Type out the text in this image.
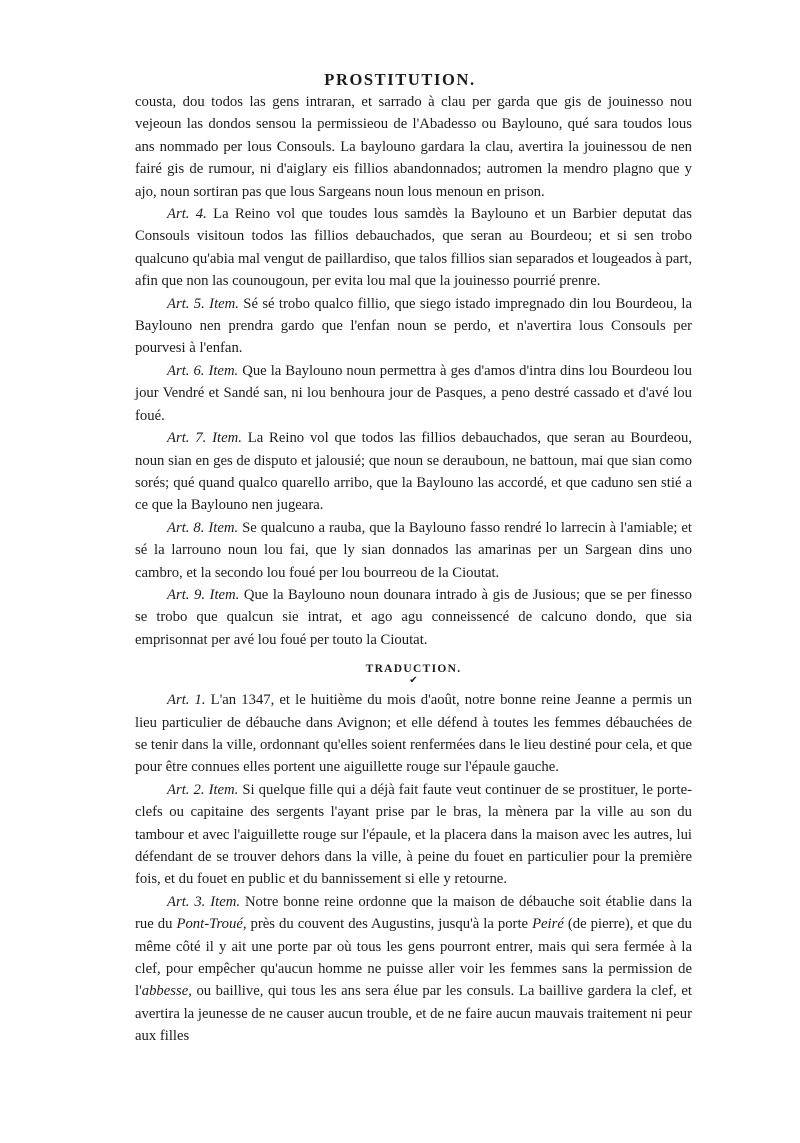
PROSTITUTION.

cousta, dou todos las gens intraran, et sarrado à clau per garda que gis de jouinesso nou vejeoun las dondos sensou la permissieou de l'Abadesso ou Baylouno, qué sara toudos lous ans nommado per lous Consouls. La baylouno gardara la clau, avertira la jouinessou de nen fairé gis de rumour, ni d'aiglary eis fillios abandonnados; autromen la mendro plagno que y ajo, noun sortiran pas que lous Sargeans noun lous menoun en prison.

Art. 4. La Reino vol que toudes lous samdès la Baylouno et un Barbier deputat das Consouls visitoun todos las fillios debauchados, que seran au Bourdeou; et si sen trobo qualcuno qu'abia mal vengut de paillardiso, que talos fillios sian separados et lougeados à part, afin que non las counougoun, per evita lou mal que la jouinesso pourrié prenre.

Art. 5. Item. Sé sé trobo qualco fillio, que siego istado impregnado din lou Bourdeou, la Baylouno nen prendra gardo que l'enfan noun se perdo, et n'avertira lous Consouls per pourvesi à l'enfan.

Art. 6. Item. Que la Baylouno noun permettra à ges d'amos d'intra dins lou Bourdeou lou jour Vendré et Sandé san, ni lou benhoura jour de Pasques, a peno destré cassado et d'avé lou foué.

Art. 7. Item. La Reino vol que todos las fillios debauchados, que seran au Bourdeou, noun sian en ges de disputo et jalousié; que noun se derauboun, ne battoun, mai que sian como sorés; qué quand qualco quarello arribo, que la Baylouno las accordé, et que caduno sen stié a ce que la Baylouno nen jugeara.

Art. 8. Item. Se qualcuno a rauba, que la Baylouno fasso rendré lo larrecin à l'amiable; et sé la larrouno noun lou fai, que ly sian donnados las amarinas per un Sargean dins uno cambro, et la secondo lou foué per lou bourreou de la Cioutat.

Art. 9. Item. Que la Baylouno noun dounara intrado à gis de Jusious; que se per finesso se trobo que qualcun sie intrat, et ago agu conneissencé de calcuno dondo, que sia emprisonnat per avé lou foué per touto la Cioutat.

TRADUCTION.
✔

Art. 1. L'an 1347, et le huitième du mois d'août, notre bonne reine Jeanne a permis un lieu particulier de débauche dans Avignon; et elle défend à toutes les femmes débauchées de se tenir dans la ville, ordonnant qu'elles soient renfermées dans le lieu destiné pour cela, et que pour être connues elles portent une aiguillette rouge sur l'épaule gauche.

Art. 2. Item. Si quelque fille qui a déjà fait faute veut continuer de se prostituer, le porte-clefs ou capitaine des sergents l'ayant prise par le bras, la mènera par la ville au son du tambour et avec l'aiguillette rouge sur l'épaule, et la placera dans la maison avec les autres, lui défendant de se trouver dehors dans la ville, à peine du fouet en particulier pour la première fois, et du fouet en public et du bannissement si elle y retourne.

Art. 3. Item. Notre bonne reine ordonne que la maison de débauche soit établie dans la rue du Pont-Troué, près du couvent des Augustins, jusqu'à la porte Peiré (de pierre), et que du même côté il y ait une porte par où tous les gens pourront entrer, mais qui sera fermée à la clef, pour empêcher qu'aucun homme ne puisse aller voir les femmes sans la permission de l'abbesse, ou baillive, qui tous les ans sera élue par les consuls. La baillive gardera la clef, et avertira la jeunesse de ne causer aucun trouble, et de ne faire aucun mauvais traitement ni peur aux filles
